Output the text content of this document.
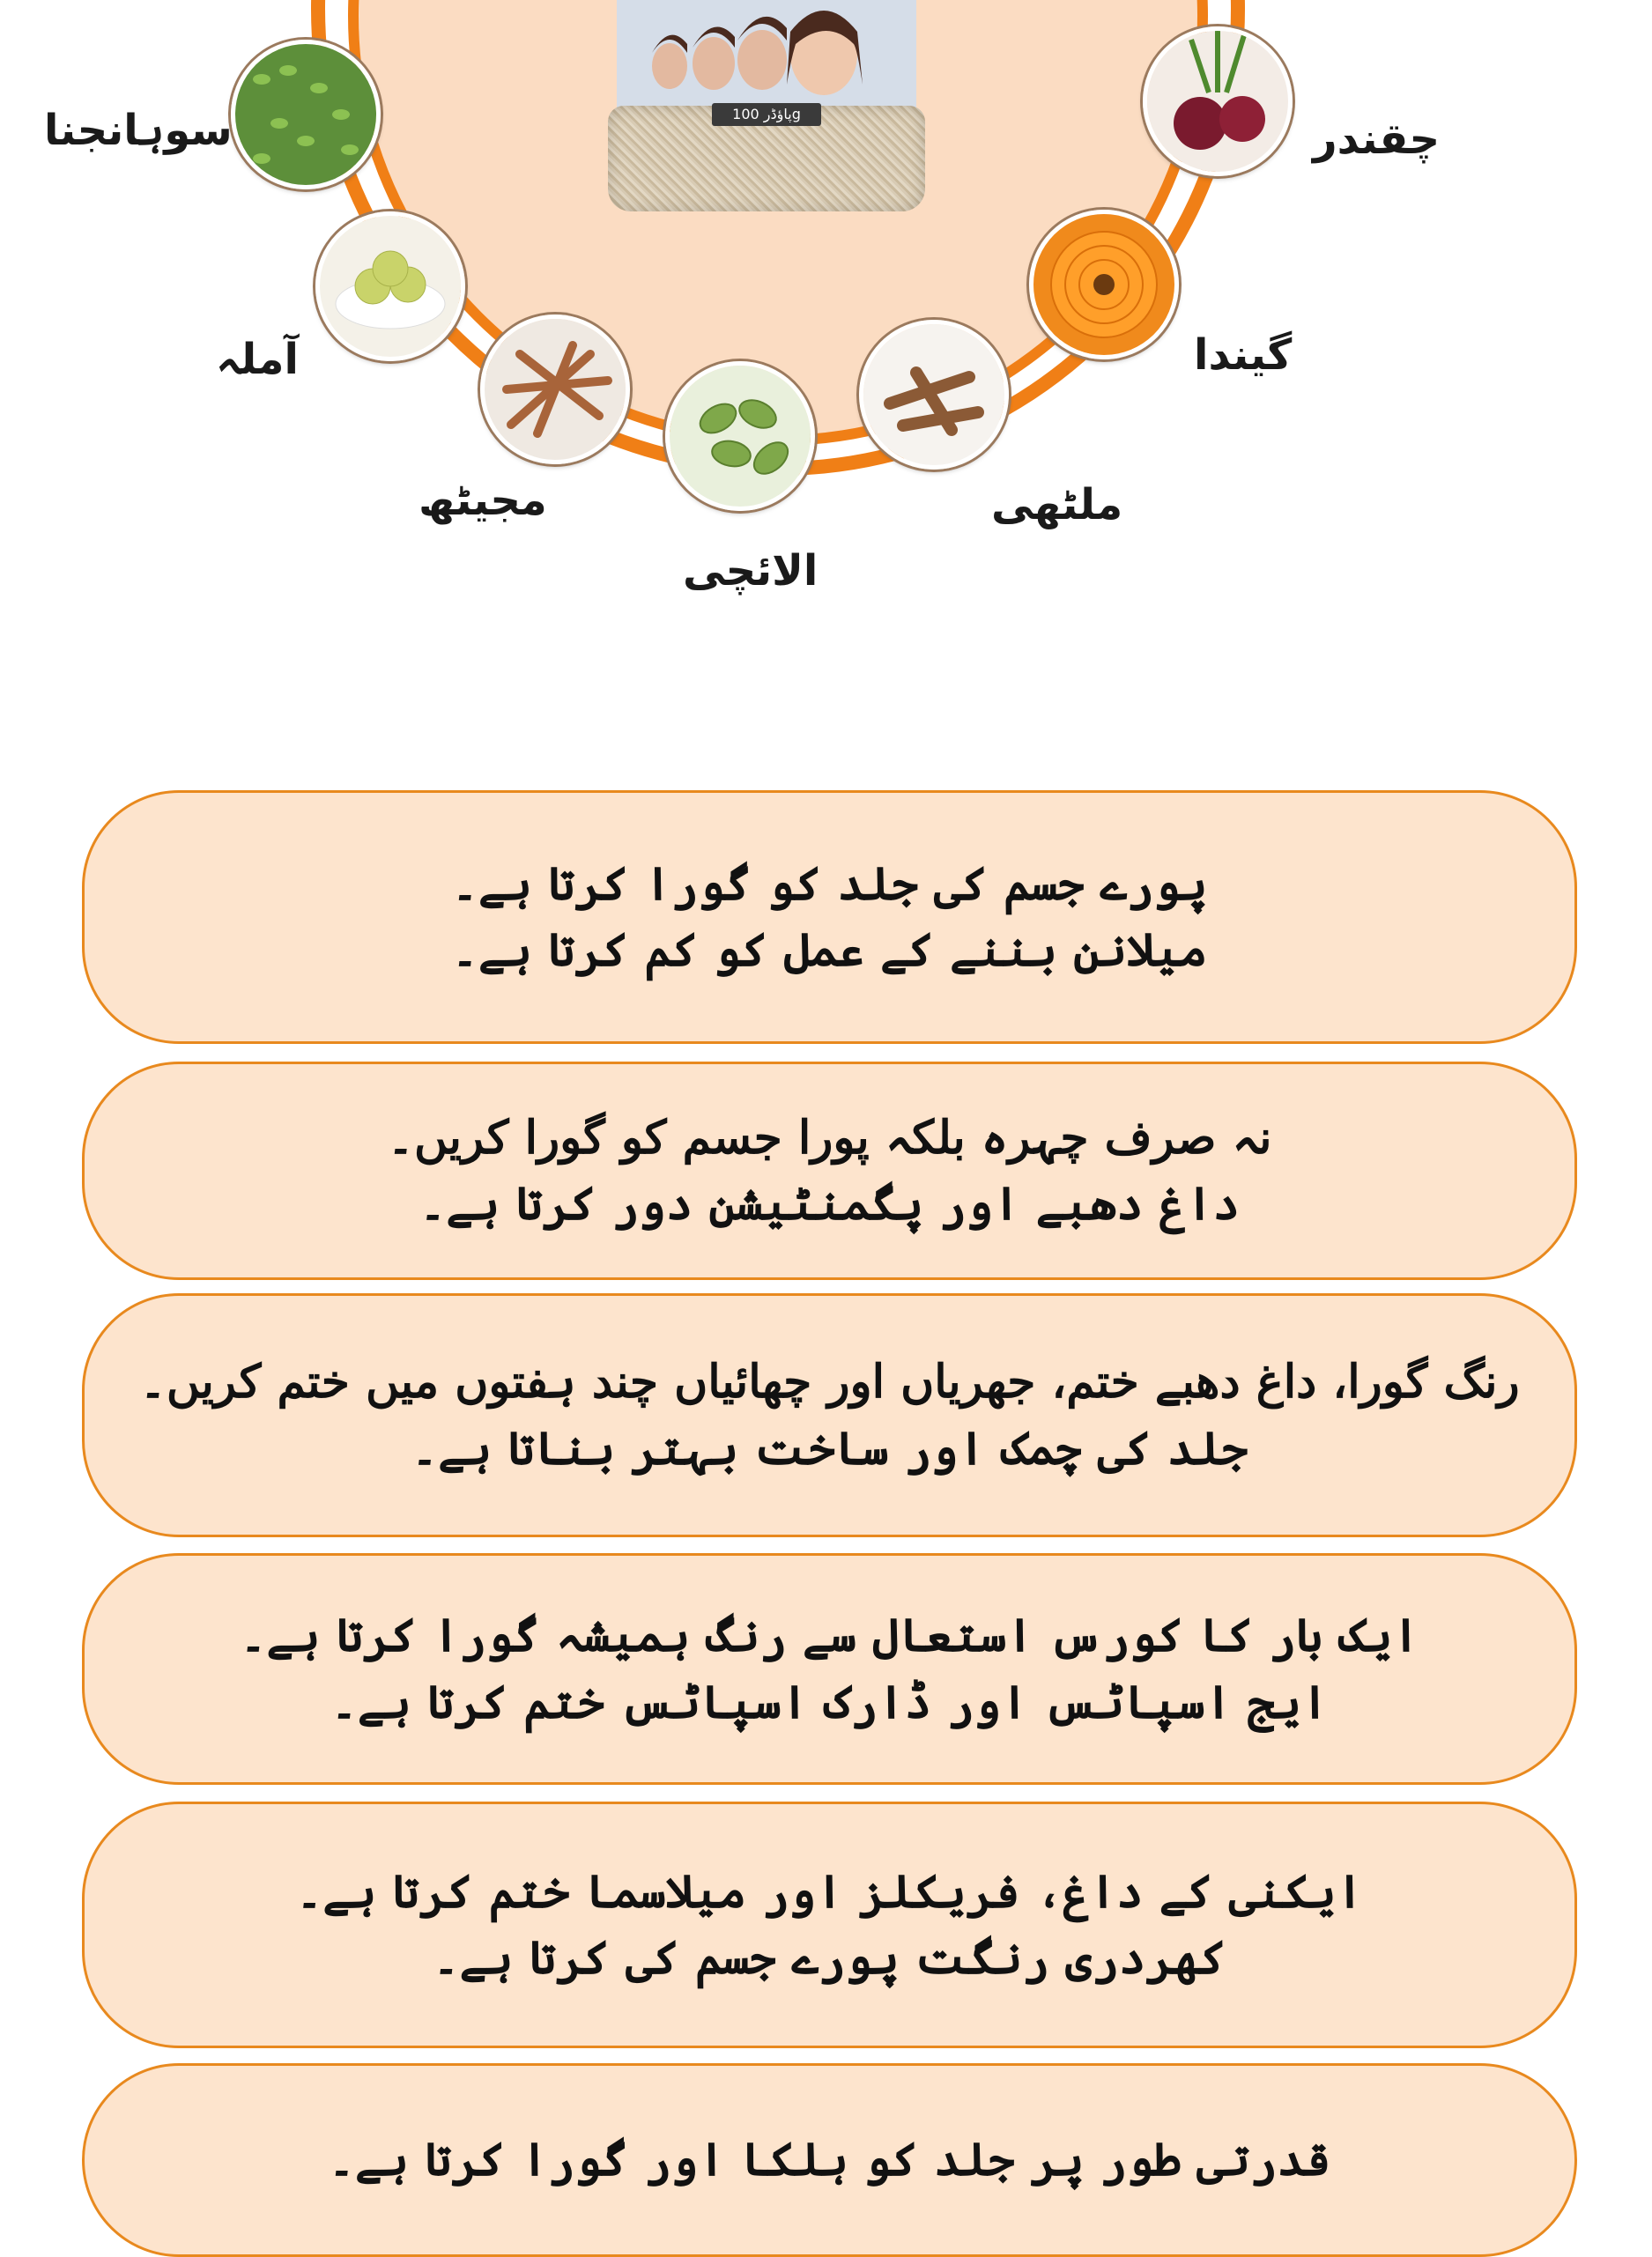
پاؤڈر 100g
سوہانجنا
آملہ
مجیٹھ
الائچی
ملٹھی
گیندا
چقندر
پورے جسم کی جلد کو گورا کرتا ہے۔
میلانن بننے کے عمل کو کم کرتا ہے۔
نہ صرف چہرہ بلکہ پورا جسم کو گورا کریں۔
داغ دھبے اور پگمنٹیشن دور کرتا ہے۔
رنگ گورا، داغ دھبے ختم، جھریاں اور چھائیاں چند ہفتوں میں ختم کریں۔
جلد کی چمک اور ساخت بہتر بناتا ہے۔
ایک بار کا کورس استعال سے رنگ ہمیشہ گورا کرتا ہے۔
ایج اسپاٹس اور ڈارک اسپاٹس ختم کرتا ہے۔
ایکنی کے داغ، فریکلز اور میلاسما ختم کرتا ہے۔
کھردری رنگت پورے جسم کی کرتا ہے۔
قدرتی طور پر جلد کو ہلکا اور گورا کرتا ہے۔
